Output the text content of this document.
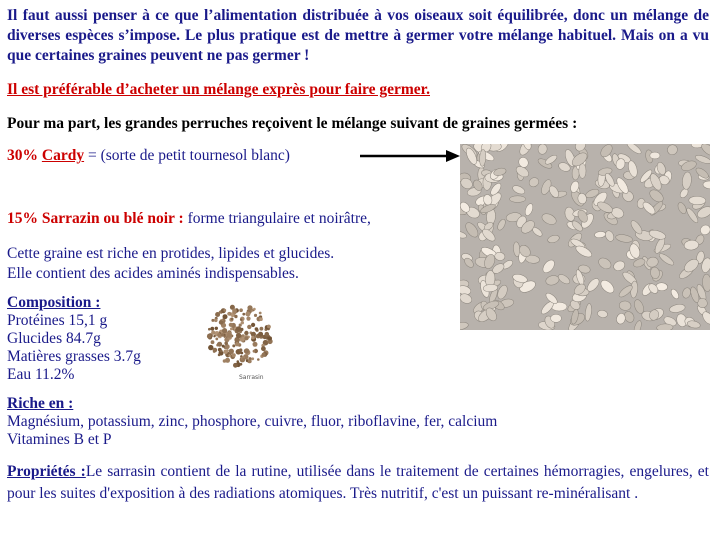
Il faut aussi penser à ce que l’alimentation distribuée à vos oiseaux soit équilibrée, donc un mélange de diverses espèces s’impose. Le plus pratique est de mettre à germer votre mélange habituel. Mais on a vu que certaines graines peuvent ne pas germer !

Il est préférable d’acheter un mélange exprès pour faire germer.

Pour ma part, les grandes perruches reçoivent le mélange suivant de graines germées :

30% Cardy = (sorte de petit tournesol blanc)

15% Sarrazin ou blé noir : forme triangulaire et noirâtre,

Cette graine est riche en protides, lipides et glucides.
Elle contient des acides aminés indispensables.
Composition :
Protéines 15,1 g
Glucides 84.7g
Matières grasses 3.7g
Eau 11.2%	Sarrasin
Riche en :
Magnésium, potassium, zinc, phosphore, cuivre, fluor, riboflavine, fer, calcium
Vitamines B et P

Propriétés :Le sarrasin contient de la rutine, utilisée dans le traitement de certaines hémorragies, engelures, et pour les suites d'exposition à des radiations atomiques. Très nutritif, c'est un puissant re-minéralisant .
